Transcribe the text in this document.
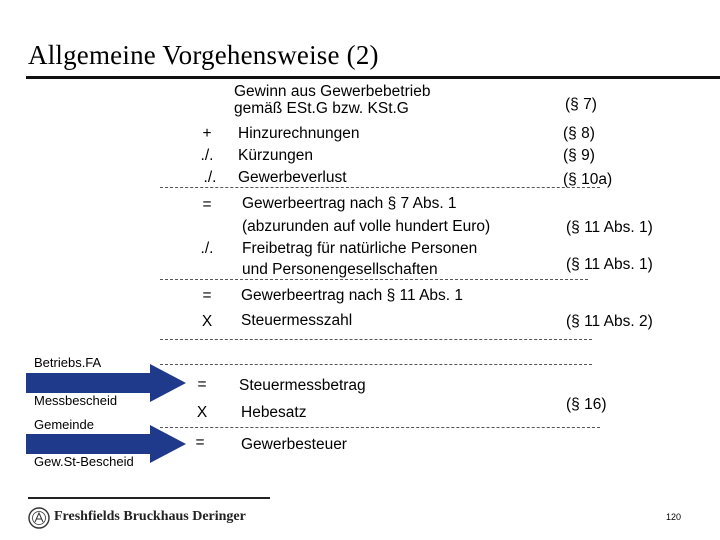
Allgemeine Vorgehensweise (2)
Gewinn aus Gewerbebetrieb
gemäß ESt.G bzw. KSt.G	(§ 7)
+	Hinzurechnungen	(§ 8)
./.	Kürzungen	(§ 9)
./.	Gewerbeverlust	(§ 10a)
=	Gewerbeertrag nach § 7 Abs. 1
(abzurunden auf volle hundert Euro)	(§ 11 Abs. 1)
./.	Freibetrag für natürliche Personen
und Personengesellschaften	(§ 11 Abs. 1)
=	Gewerbeertrag nach § 11 Abs. 1
X	Steuermesszahl	(§ 11 Abs. 2)
=	Steuermessbetrag
X	Hebesatz	(§ 16)
=	Gewerbesteuer
Betriebs.FA
Messbescheid
Gemeinde
Gew.St-Bescheid
Freshfields Bruckhaus Deringer	120
